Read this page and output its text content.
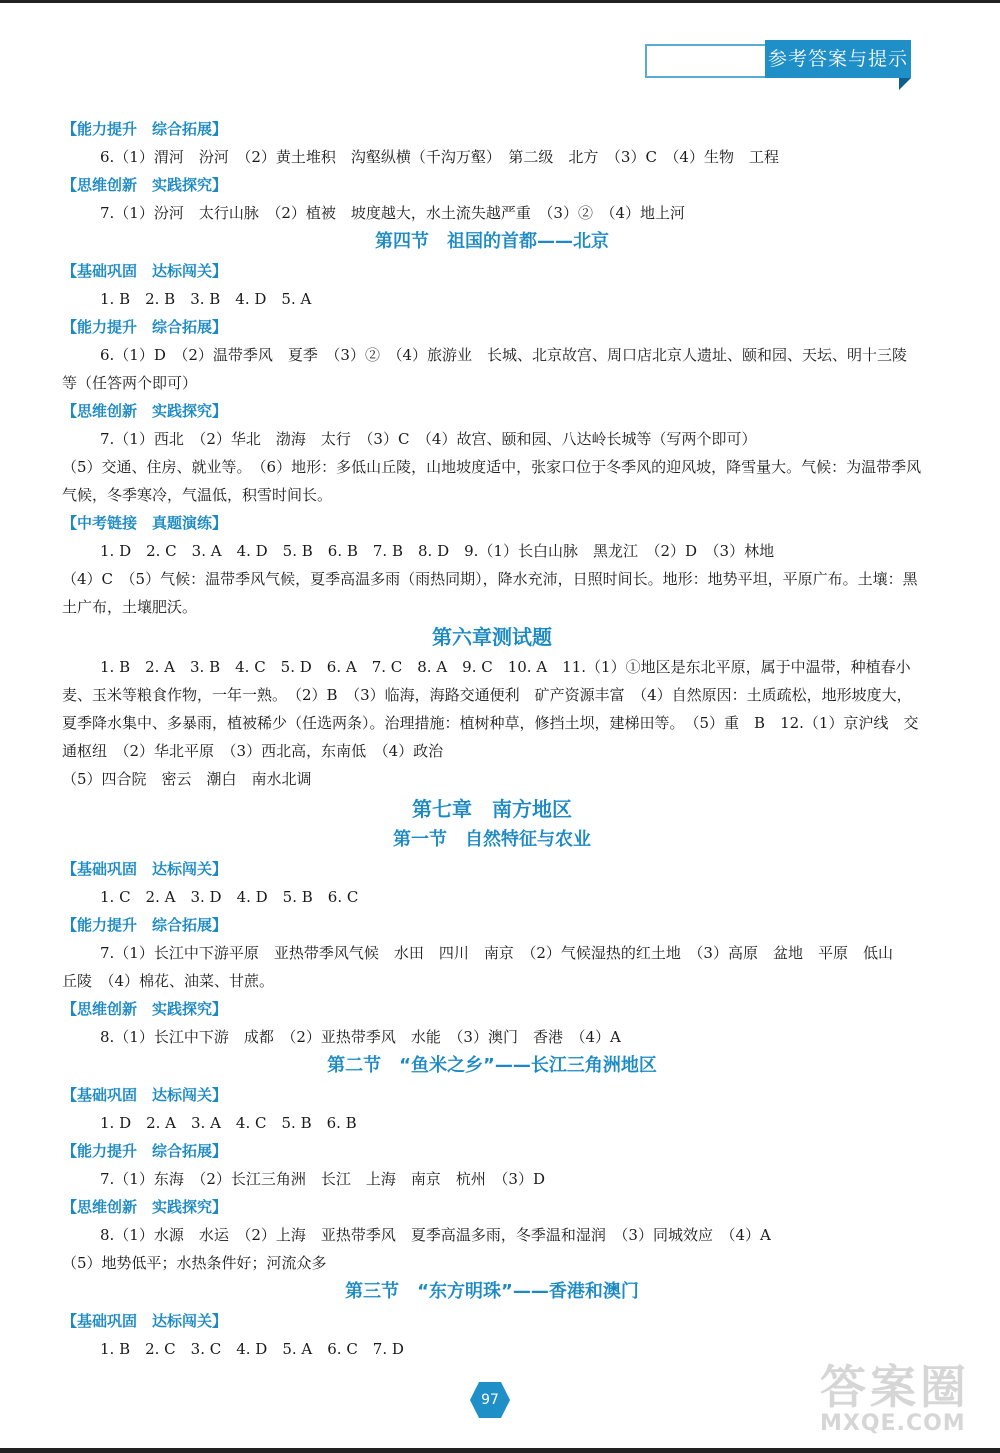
参考答案与提示
【能力提升　综合拓展】
6.（1）渭河　汾河　（2）黄土堆积　沟壑纵横（千沟万壑）　第二级　北方　（3）C　（4）生物　工程
【思维创新　实践探究】
7.（1）汾河　太行山脉　（2）植被　坡度越大，水土流失越严重　（3）②　（4）地上河
第四节　祖国的首都——北京
【基础巩固　达标闯关】
1. B　2. B　3. B　4. D　5. A
【能力提升　综合拓展】
6.（1）D　（2）温带季风　夏季　（3）②　（4）旅游业　长城、北京故宫、周口店北京人遗址、颐和园、天坛、明十三陵等（任答两个即可）
【思维创新　实践探究】
7.（1）西北　（2）华北　渤海　太行　（3）C　（4）故宫、颐和园、八达岭长城等（写两个即可）
（5）交通、住房、就业等。　（6）地形：多低山丘陵，山地坡度适中，张家口位于冬季风的迎风坡，降雪量大。气候：为温带季风气候，冬季寒冷，气温低，积雪时间长。
【中考链接　真题演练】
1. D　2. C　3. A　4. D　5. B　6. B　7. B　8. D　9.（1）长白山脉　黑龙江　（2）D　（3）林地
（4）C　（5）气候：温带季风气候，夏季高温多雨（雨热同期），降水充沛，日照时间长。地形：地势平坦，平原广布。土壤：黑土广布，土壤肥沃。
第六章测试题
1. B　2. A　3. B　4. C　5. D　6. A　7. C　8. A　9. C　10. A　11.（1）①地区是东北平原，属于中温带，种植春小麦、玉米等粮食作物，一年一熟。　（2）B　（3）临海，海路交通便利　矿产资源丰富　（4）自然原因：土质疏松，地形坡度大，夏季降水集中、多暴雨，植被稀少（任选两条）。治理措施：植树种草，修挡土坝，建梯田等。　（5）重　B　12.（1）京沪线　交通枢纽　（2）华北平原　（3）西北高，东南低　（4）政治
（5）四合院　密云　潮白　南水北调
第七章　南方地区
第一节　自然特征与农业
【基础巩固　达标闯关】
1. C　2. A　3. D　4. D　5. B　6. C
【能力提升　综合拓展】
7.（1）长江中下游平原　亚热带季风气候　水田　四川　南京　（2）气候湿热的红土地　（3）高原　盆地　平原　低山　丘陵　（4）棉花、油菜、甘蔗。
【思维创新　实践探究】
8.（1）长江中下游　成都　（2）亚热带季风　水能　（3）澳门　香港　（4）A
第二节　“鱼米之乡”——长江三角洲地区
【基础巩固　达标闯关】
1. D　2. A　3. A　4. C　5. B　6. B
【能力提升　综合拓展】
7.（1）东海　（2）长江三角洲　长江　上海　南京　杭州　（3）D
【思维创新　实践探究】
8.（1）水源　水运　（2）上海　亚热带季风　夏季高温多雨，冬季温和湿润　（3）同城效应　（4）A
（5）地势低平；水热条件好；河流众多
第三节　“东方明珠”——香港和澳门
【基础巩固　达标闯关】
1. B　2. C　3. C　4. D　5. A　6. C　7. D
97	答案圈
MXQE.COM
